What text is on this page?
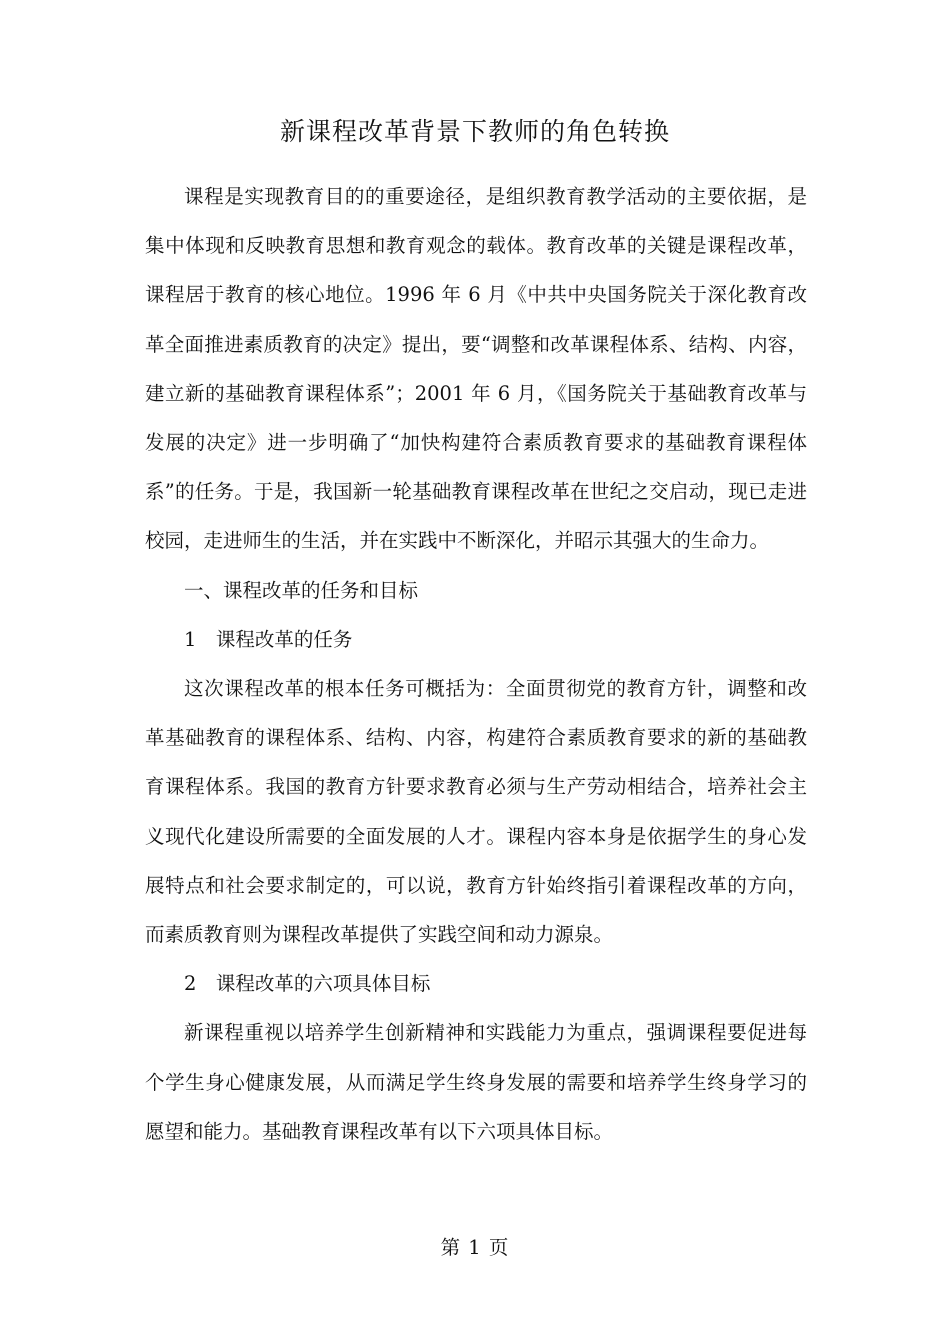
新课程改革背景下教师的角色转换

课程是实现教育目的的重要途径，是组织教育教学活动的主要依据，是集中体现和反映教育思想和教育观念的载体。教育改革的关键是课程改革，课程居于教育的核心地位。1996 年 6 月《中共中央国务院关于深化教育改革全面推进素质教育的决定》提出，要“调整和改革课程体系、结构、内容，建立新的基础教育课程体系”；2001 年 6 月，《国务院关于基础教育改革与发展的决定》进一步明确了“加快构建符合素质教育要求的基础教育课程体系”的任务。于是，我国新一轮基础教育课程改革在世纪之交启动，现已走进校园，走进师生的生活，并在实践中不断深化，并昭示其强大的生命力。

一、课程改革的任务和目标

1　课程改革的任务

这次课程改革的根本任务可概括为：全面贯彻党的教育方针，调整和改革基础教育的课程体系、结构、内容，构建符合素质教育要求的新的基础教育课程体系。我国的教育方针要求教育必须与生产劳动相结合，培养社会主义现代化建设所需要的全面发展的人才。课程内容本身是依据学生的身心发展特点和社会要求制定的，可以说，教育方针始终指引着课程改革的方向，而素质教育则为课程改革提供了实践空间和动力源泉。

2　课程改革的六项具体目标

新课程重视以培养学生创新精神和实践能力为重点，强调课程要促进每个学生身心健康发展，从而满足学生终身发展的需要和培养学生终身学习的愿望和能力。基础教育课程改革有以下六项具体目标。

第 1 页
